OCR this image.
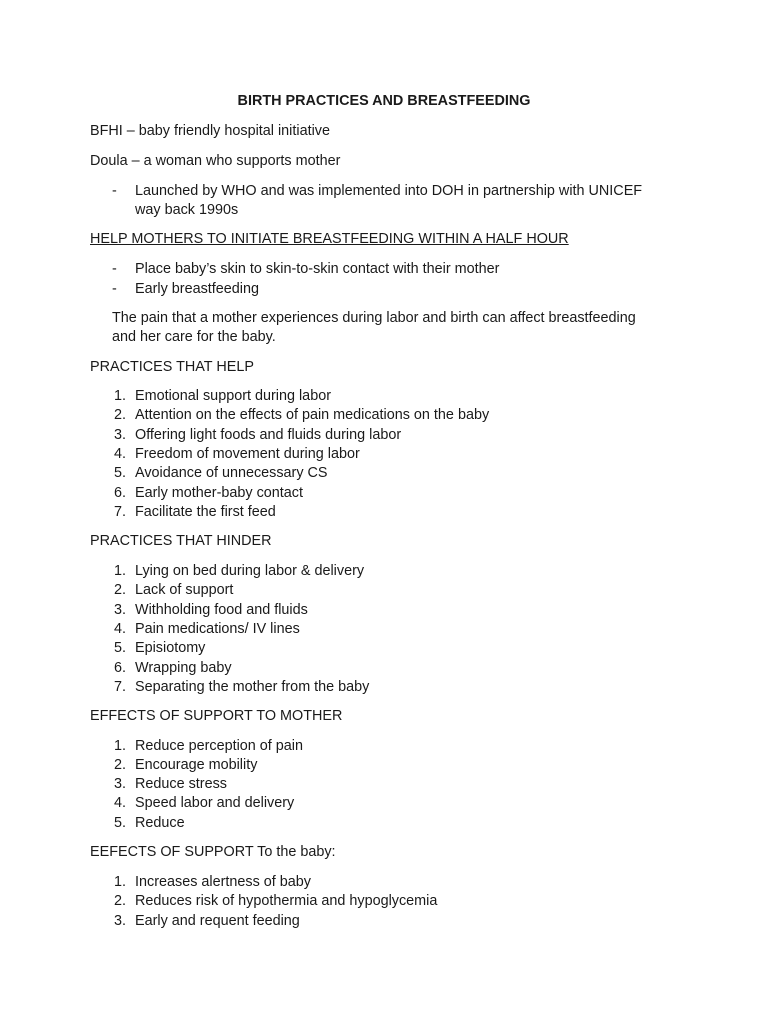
BIRTH PRACTICES AND BREASTFEEDING
BFHI – baby friendly hospital initiative
Doula – a woman who supports mother
- Launched by WHO and was implemented into DOH in partnership with UNICEF
way back 1990s
HELP MOTHERS TO INITIATE BREASTFEEDING WITHIN A HALF HOUR
- Place baby’s skin to skin-to-skin contact with their mother
- Early breastfeeding
The pain that a mother experiences during labor and birth can affect breastfeeding
and her care for the baby.
PRACTICES THAT HELP
1. Emotional support during labor
2. Attention on the effects of pain medications on the baby
3. Offering light foods and fluids during labor
4. Freedom of movement during labor
5. Avoidance of unnecessary CS
6. Early mother-baby contact
7. Facilitate the first feed
PRACTICES THAT HINDER
1. Lying on bed during labor & delivery
2. Lack of support
3. Withholding food and fluids
4. Pain medications/ IV lines
5. Episiotomy
6. Wrapping baby
7. Separating the mother from the baby
EFFECTS OF SUPPORT TO MOTHER
1. Reduce perception of pain
2. Encourage mobility
3. Reduce stress
4. Speed labor and delivery
5. Reduce
EEFECTS OF SUPPORT To the baby:
1. Increases alertness of baby
2. Reduces risk of hypothermia and hypoglycemia
3. Early and requent feeding
